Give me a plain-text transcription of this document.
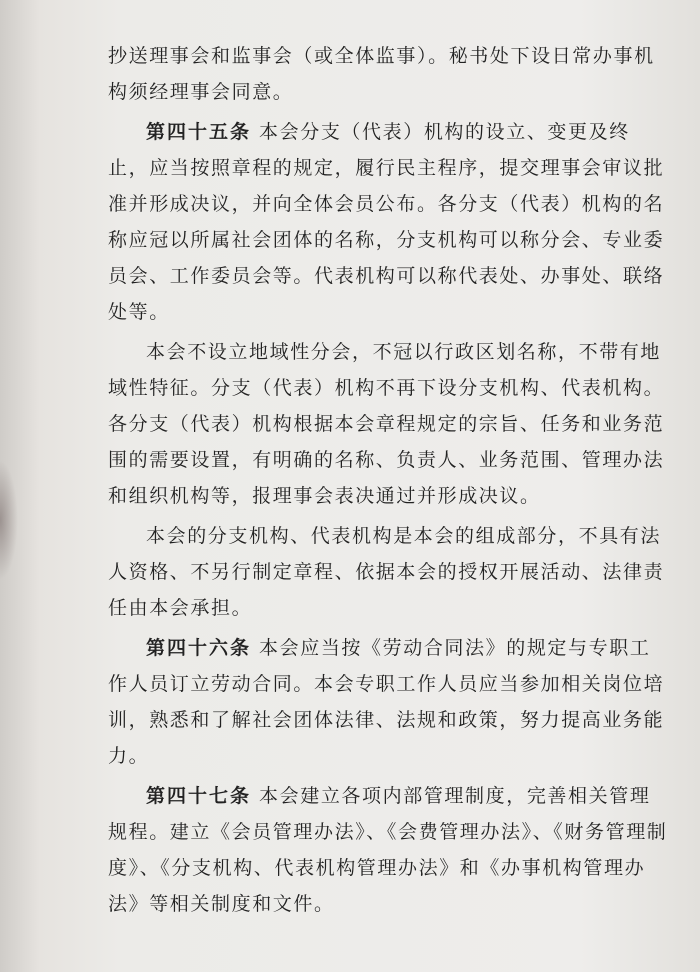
抄送理事会和监事会（或全体监事）。秘书处下设日常办事机构须经理事会同意。

第四十五条 本会分支（代表）机构的设立、变更及终止，应当按照章程的规定，履行民主程序，提交理事会审议批准并形成决议，并向全体会员公布。各分支（代表）机构的名称应冠以所属社会团体的名称，分支机构可以称分会、专业委员会、工作委员会等。代表机构可以称代表处、办事处、联络处等。

本会不设立地域性分会，不冠以行政区划名称，不带有地域性特征。分支（代表）机构不再下设分支机构、代表机构。各分支（代表）机构根据本会章程规定的宗旨、任务和业务范围的需要设置，有明确的名称、负责人、业务范围、管理办法和组织机构等，报理事会表决通过并形成决议。

本会的分支机构、代表机构是本会的组成部分，不具有法人资格、不另行制定章程、依据本会的授权开展活动、法律责任由本会承担。

第四十六条 本会应当按《劳动合同法》的规定与专职工作人员订立劳动合同。本会专职工作人员应当参加相关岗位培训，熟悉和了解社会团体法律、法规和政策，努力提高业务能力。

第四十七条 本会建立各项内部管理制度，完善相关管理规程。建立《会员管理办法》、《会费管理办法》、《财务管理制度》、《分支机构、代表机构管理办法》和《办事机构管理办法》等相关制度和文件。
